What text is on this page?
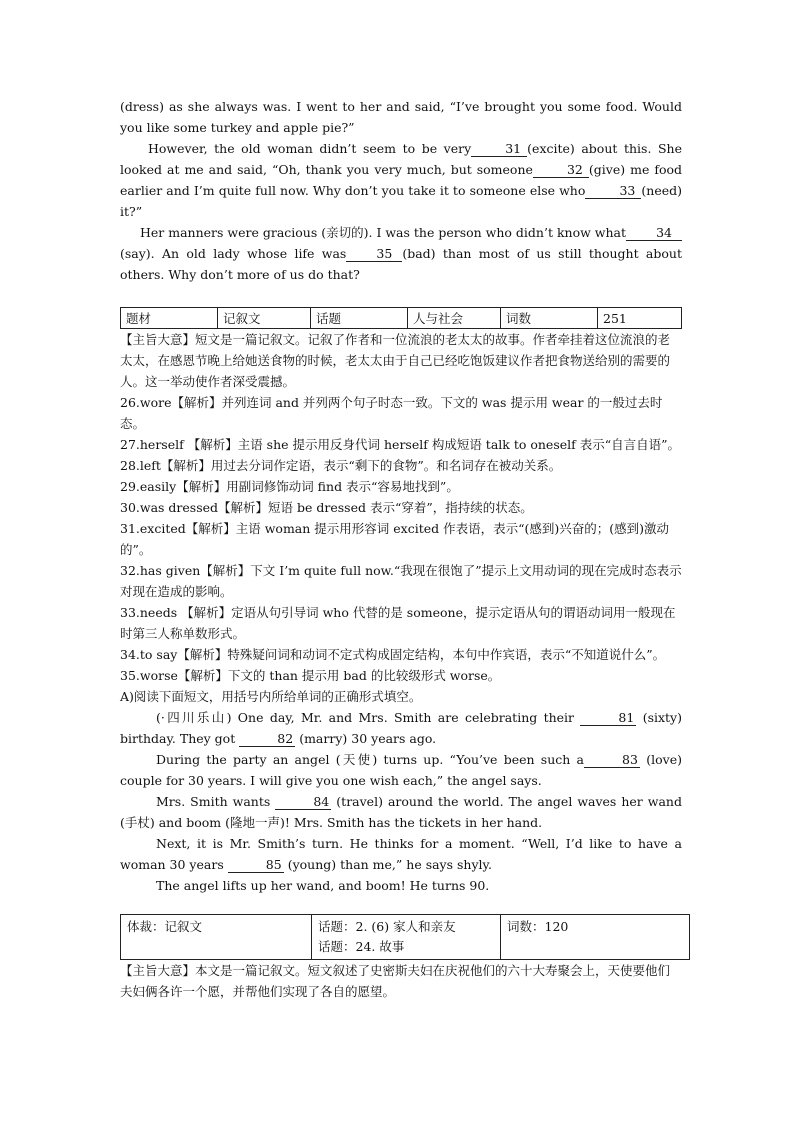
(dress) as she always was. I went to her and said, “I’ve brought you some food. Would you like some turkey and apple pie?”

However, the old woman didn’t seem to be very	31 (excite) about this. She looked at me and said, “Oh, thank you very much, but someone	32 (give) me food earlier and I’m quite full now. Why don’t you take it to someone else who	33 (need) it?”

Her manners were gracious (亲切的). I was the person who didn’t know what 34(say). An old lady whose life was 35 (bad) than most of us still thought about others. Why don’t more of us do that?

题材	记叙文	话题	人与社会	词数	251

【主旨大意】短文是一篇记叙文。记叙了作者和一位流浪的老太太的故事。作者牵挂着这位流浪的老太太，在感恩节晚上给她送食物的时候，老太太由于自己已经吃饱饭建议作者把食物送给别的需要的人。这一举动使作者深受震撼。

26.wore【解析】并列连词 and 并列两个句子时态一致。下文的 was 提示用 wear 的一般过去时态。

27.herself 【解析】主语 she 提示用反身代词 herself 构成短语 talk to oneself 表示“自言自语”。

28.left【解析】用过去分词作定语，表示“剩下的食物”。和名词存在被动关系。

29.easily【解析】用副词修饰动词 find 表示“容易地找到”。

30.was dressed【解析】短语 be dressed 表示“穿着”，指持续的状态。

31.excited【解析】主语 woman 提示用形容词 excited 作表语，表示“(感到)兴奋的；(感到)激动的”。

32.has given【解析】下文 I’m quite full now.“我现在很饱了”提示上文用动词的现在完成时态表示对现在造成的影响。

33.needs 【解析】定语从句引导词 who 代替的是 someone，提示定语从句的谓语动词用一般现在时第三人称单数形式。

34.to say【解析】特殊疑问词和动词不定式构成固定结构，本句中作宾语，表示“不知道说什么”。

35.worse【解析】下文的 than 提示用 bad 的比较级形式 worse。

A)阅读下面短文，用括号内所给单词的正确形式填空。

(·四川乐山) One day, Mr. and Mrs. Smith are celebrating their	81 (sixty) birthday. They got	82 (marry) 30 years ago.

During the party an angel (天使) turns up. “You’ve been such a	83 (love) couple for 30 years. I will give you one wish each,” the angel says.

Mrs. Smith wants	84 (travel) around the world. The angel waves her wand (手杖) and boom (隆地一声)! Mrs. Smith has the tickets in her hand.

Next, it is Mr. Smith’s turn. He thinks for a moment. “Well, I’d like to have a woman 30 years	85 (young) than me,” he says shyly.

The angel lifts up her wand, and boom! He turns 90.

体裁：记叙文	话题：2. (6) 家人和亲友
话题：24. 故事
	词数：120

【主旨大意】本文是一篇记叙文。短文叙述了史密斯夫妇在庆祝他们的六十大寿聚会上，天使要他们夫妇俩各许一个愿，并帮他们实现了各自的愿望。
